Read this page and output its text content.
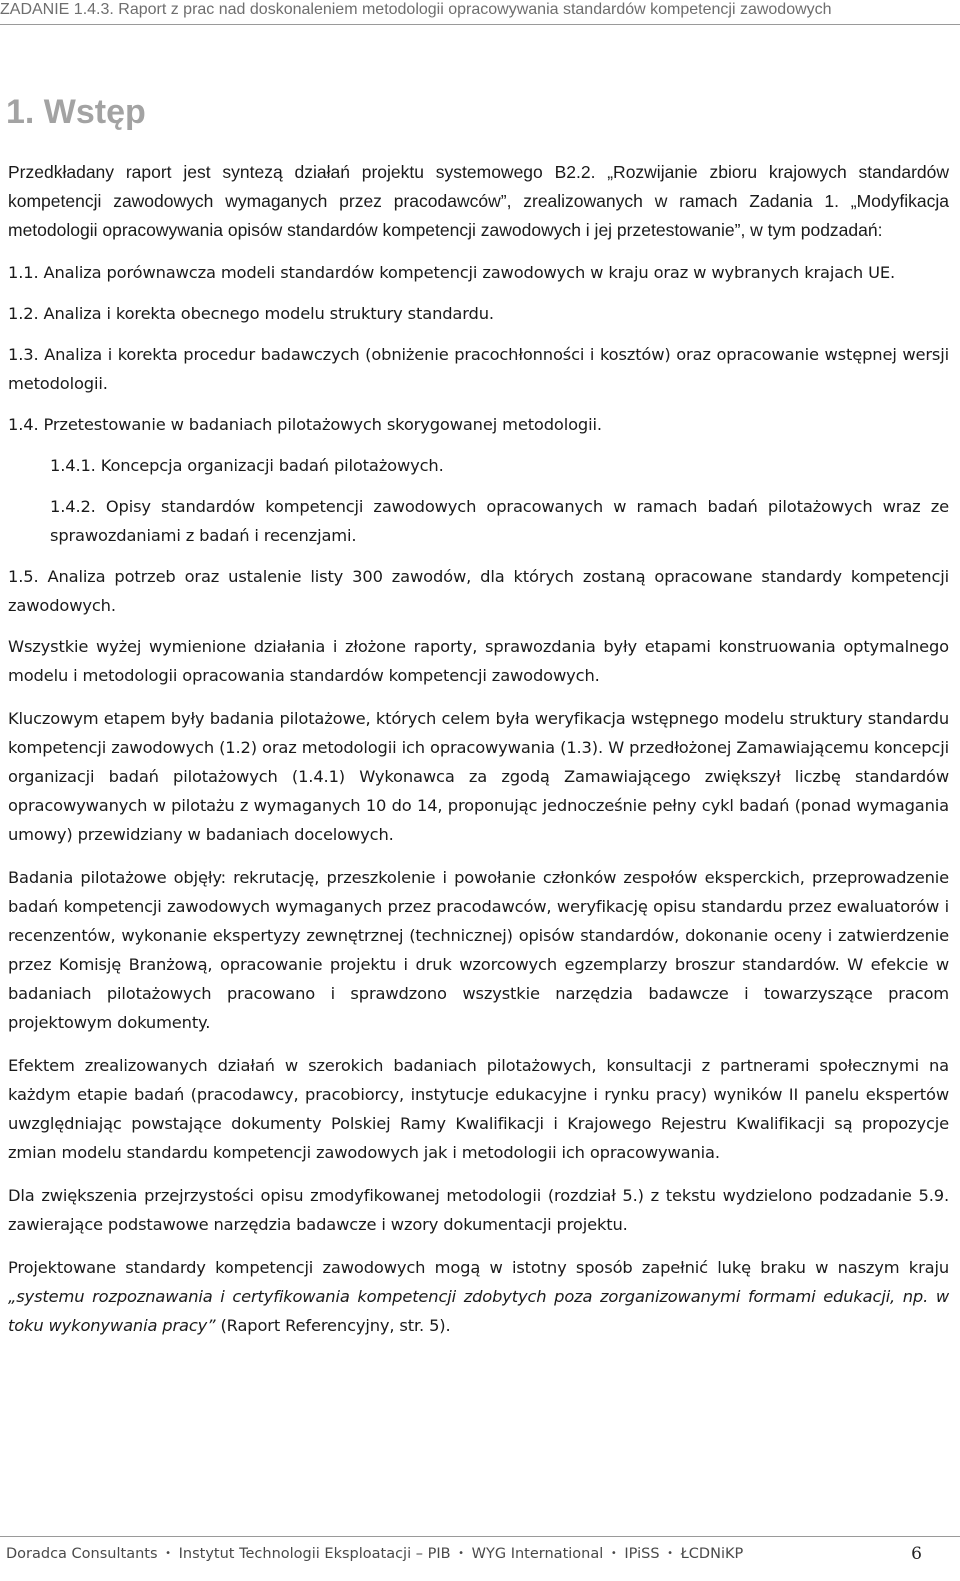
ZADANIE 1.4.3. Raport z prac nad doskonaleniem metodologii opracowywania standardów kompetencji zawodowych
1. Wstęp

Przedkładany raport jest syntezą działań projektu systemowego B2.2. „Rozwijanie zbioru krajowych standardów kompetencji zawodowych wymaganych przez pracodawców”, zrealizowanych w ramach Zadania 1. „Modyfikacja metodologii opracowywania opisów standardów kompetencji zawodowych i jej przetestowanie”, w tym podzadań:

1.1. Analiza porównawcza modeli standardów kompetencji zawodowych w kraju oraz w wybranych krajach UE.

1.2. Analiza i korekta obecnego modelu struktury standardu.

1.3. Analiza i korekta procedur badawczych (obniżenie pracochłonności i kosztów) oraz opracowanie wstępnej wersji metodologii.

1.4. Przetestowanie w badaniach pilotażowych skorygowanej metodologii.

1.4.1. Koncepcja organizacji badań pilotażowych.

1.4.2. Opisy standardów kompetencji zawodowych opracowanych w ramach badań pilotażowych wraz ze sprawozdaniami z badań i recenzjami.

1.5. Analiza potrzeb oraz ustalenie listy 300 zawodów, dla których zostaną opracowane standardy kompetencji zawodowych.

Wszystkie wyżej wymienione działania i złożone raporty, sprawozdania były etapami konstruowania optymalnego modelu i metodologii opracowania standardów kompetencji zawodowych.

Kluczowym etapem były badania pilotażowe, których celem była weryfikacja wstępnego modelu struktury standardu kompetencji zawodowych (1.2) oraz metodologii ich opracowywania (1.3). W przedłożonej Zamawiającemu koncepcji organizacji badań pilotażowych (1.4.1) Wykonawca za zgodą Zamawiającego zwiększył liczbę standardów opracowywanych w pilotażu z wymaganych 10 do 14, proponując jednocześnie pełny cykl badań (ponad wymagania umowy) przewidziany w badaniach docelowych.

Badania pilotażowe objęły: rekrutację, przeszkolenie i powołanie członków zespołów eksperckich, przeprowadzenie badań kompetencji zawodowych wymaganych przez pracodawców, weryfikację opisu standardu przez ewaluatorów i recenzentów, wykonanie ekspertyzy zewnętrznej (technicznej) opisów standardów, dokonanie oceny i zatwierdzenie przez Komisję Branżową, opracowanie projektu i druk wzorcowych egzemplarzy broszur standardów. W efekcie w badaniach pilotażowych pracowano i sprawdzono wszystkie narzędzia badawcze i towarzyszące pracom projektowym dokumenty.

Efektem zrealizowanych działań w szerokich badaniach pilotażowych, konsultacji z partnerami społecznymi na każdym etapie badań (pracodawcy, pracobiorcy, instytucje edukacyjne i rynku pracy) wyników II panelu ekspertów uwzględniając powstające dokumenty Polskiej Ramy Kwalifikacji i Krajowego Rejestru Kwalifikacji są propozycje zmian modelu standardu kompetencji zawodowych jak i metodologii ich opracowywania.

Dla zwiększenia przejrzystości opisu zmodyfikowanej metodologii (rozdział 5.) z tekstu wydzielono podzadanie 5.9. zawierające podstawowe narzędzia badawcze i wzory dokumentacji projektu.

Projektowane standardy kompetencji zawodowych mogą w istotny sposób zapełnić lukę braku w naszym kraju „systemu rozpoznawania i certyfikowania kompetencji zdobytych poza zorganizowanymi formami edukacji, np. w toku wykonywania pracy” (Raport Referencyjny, str. 5).

Doradca Consultants • Instytut Technologii Eksploatacji – PIB • WYG International • IPiSS • ŁCDNiKP	6
